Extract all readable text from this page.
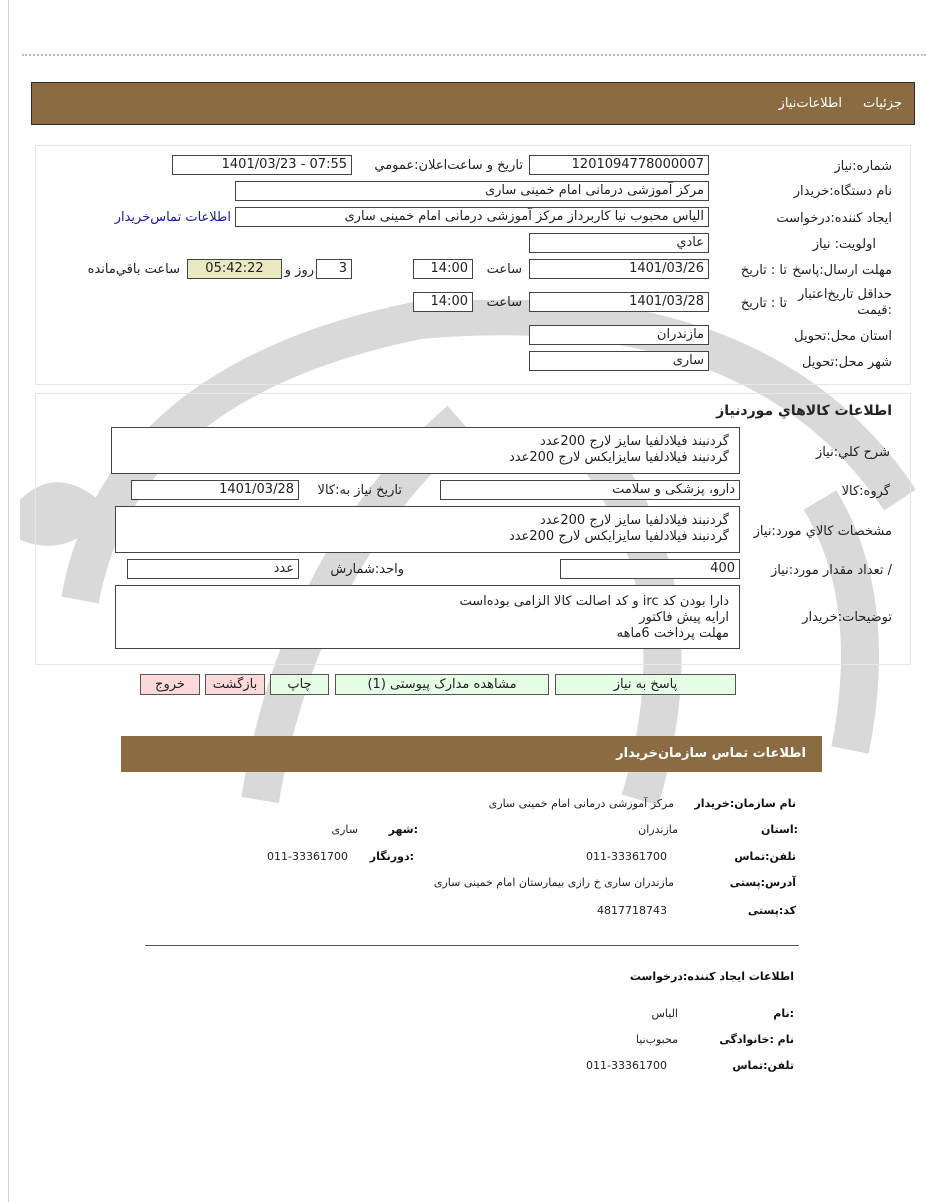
جزئیات
اطلاعات‌نیاز
شماره‌:نیاز
1201094778000007
تاریخ و ساعت‌اعلان‌:عمومي
1401/03/23 - 07:55
نام دستگاه‌:خریدار
مرکز آموزشی درمانی امام خمینی ساری
ایجاد کننده‌:درخواست
الیاس محبوب نیا کاربرداز مرکز آموزشی درمانی امام خمینی ساری
اطلاعات تماس‌خریدار
اولویت: نیاز
عادي
مهلت ارسال‌:پاسخ
تا : تاریخ
1401/03/26
ساعت
14:00
3
روز و
05:42:22
ساعت باقي‌مانده
حداقل تاریخ‌اعتبار
:قیمت
تا : تاریخ
1401/03/28
ساعت
14:00
استان محل‌:تحویل
مازندران
شهر محل‌:تحویل
ساری
اطلاعات کالاهاي مورد‌نیاز
شرح کلي‌:نیاز
گردنبند فیلادلفیا سایز لارج 200عدد
گردنبند فیلادلفیا سایزایکس لارج 200عدد
گروه‌:کالا
دارو، پزشکی و سلامت
تاریخ نیاز به‌:کالا
1401/03/28
مشخصات کالاي مورد‌:نیاز
گردنبند فیلادلفیا سایز لارج 200عدد
گردنبند فیلادلفیا سایزایکس لارج 200عدد
/ تعداد مقدار مورد‌:نیاز
400
واحد‌:شمارش
عدد
توضیحات‌:خریدار
دارا بودن کد irc و کد اصالت کالا الزامی بوده‌است
ارایه پیش فاکتور
مهلت پرداخت 6ماهه
پاسخ به نیاز
مشاهده مدارک پیوستی (1)
چاپ
بازگشت
خروج
اطلاعات تماس سازمان‌خریدار
نام سازمان‌:خریدار
مرکز آموزشی درمانی امام خمینی ساری
:استان
مازندران
:شهر
ساری
تلفن‌:تماس
011-33361700
:دورنگار
011-33361700
آدرس‌:پستی
مازندران ساری خ رازی بیمارستان امام خمینی ساری
کد‌:پستی
4817718743
اطلاعات ایجاد کننده‌:درخواست
:نام
الیاس
نام :خانوادگی
محبوب‌نیا
تلفن‌:تماس
011-33361700
